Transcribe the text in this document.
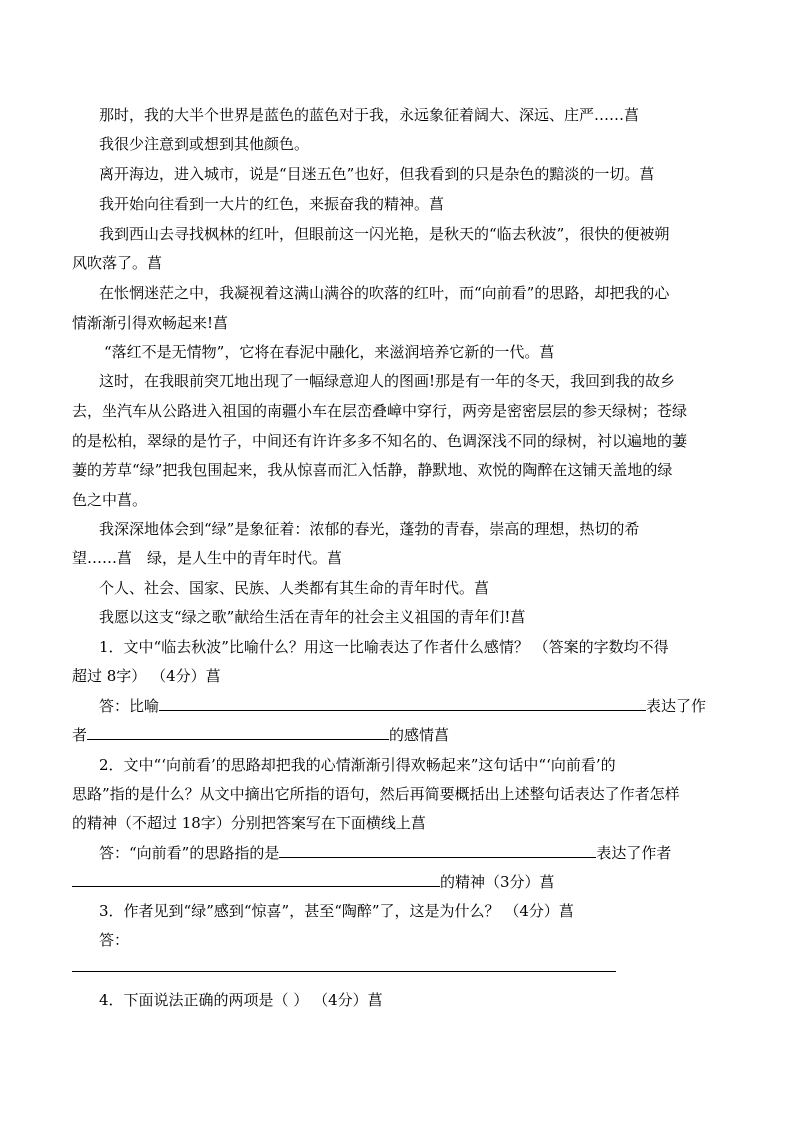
那时，我的大半个世界是蓝色的蓝色对于我，永远象征着阔大、深远、庄严……菖
我很少注意到或想到其他颜色。
离开海边，进入城市，说是“目迷五色”也好，但我看到的只是杂色的黯淡的一切。菖
我开始向往看到一大片的红色，来振奋我的精神。菖
我到西山去寻找枫林的红叶，但眼前这一闪光艳，是秋天的“临去秋波”，很快的便被朔
风吹落了。菖
在怅惘迷茫之中，我凝视着这满山满谷的吹落的红叶，而“向前看”的思路，却把我的心
情渐渐引得欢畅起来!菖
“落红不是无情物”，它将在春泥中融化，来滋润培养它新的一代。菖
这时，在我眼前突兀地出现了一幅绿意迎人的图画!那是有一年的冬天，我回到我的故乡
去，坐汽车从公路进入祖国的南疆小车在层峦叠嶂中穿行，两旁是密密层层的参天绿树；苍绿
的是松柏，翠绿的是竹子，中间还有许许多多不知名的、色调深浅不同的绿树，衬以遍地的萋
萋的芳草“绿”把我包围起来，我从惊喜而汇入恬静，静默地、欢悦的陶醉在这铺天盖地的绿
色之中菖。
我深深地体会到“绿”是象征着：浓郁的春光，蓬勃的青春，崇高的理想，热切的希
望……菖　绿，是人生中的青年时代。菖
个人、社会、国家、民族、人类都有其生命的青年时代。菖
我愿以这支“绿之歌”献给生活在青年的社会主义祖国的青年们!菖
1．文中“临去秋波”比喻什么？用这一比喻表达了作者什么感情？ （答案的字数均不得
超过 8字） （4分）菖
答：比喻	表达了作
者	的感情菖
2．文中“‘向前看’的思路却把我的心情渐渐引得欢畅起来”这句话中“‘向前看’的
思路”指的是什么？从文中摘出它所指的语句，然后再简要概括出上述整句话表达了作者怎样
的精神（不超过 18字）分别把答案写在下面横线上菖
答：“向前看”的思路指的是	表达了作者
的精神（3分）菖
3．作者见到“绿”感到“惊喜”，甚至“陶醉”了，这是为什么？ （4分）菖
答：
4．下面说法正确的两项是（ ） （4分）菖
